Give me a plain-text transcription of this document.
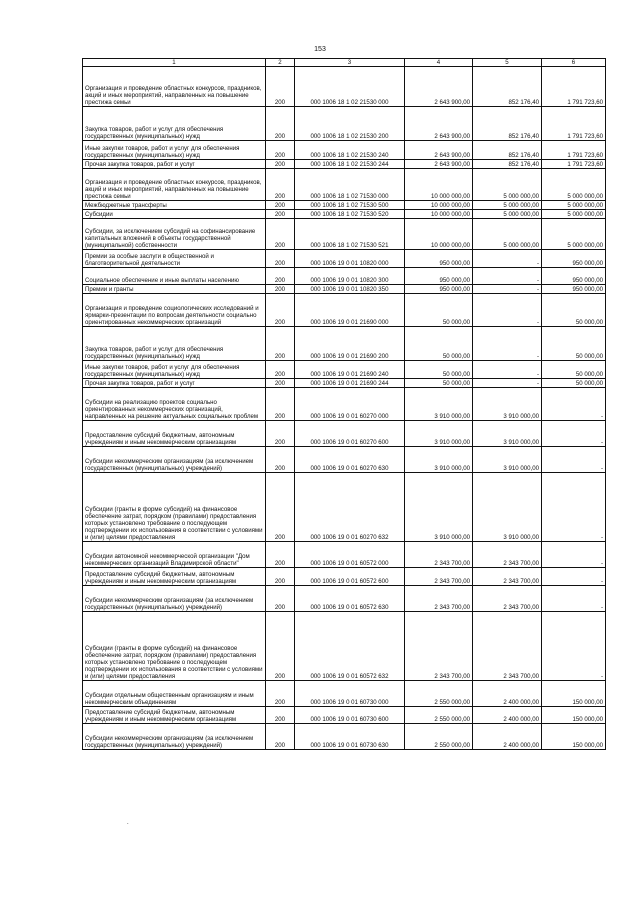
153
1	2	3	4	5	6
Организация и проведение областных конкурсов, праздников, акций и иных мероприятий, направленных на повышение престижа семьи	200	000 1006 18 1 02 21530 000	2 643 900,00	852 176,40	1 791 723,60
Закупка товаров, работ и услуг для обеспечения государственных (муниципальных) нужд	200	000 1006 18 1 02 21530 200	2 643 900,00	852 176,40	1 791 723,60
Иные закупки товаров, работ и услуг для обеспечения государственных (муниципальных) нужд	200	000 1006 18 1 02 21530 240	2 643 900,00	852 176,40	1 791 723,60
Прочая закупка товаров, работ и услуг	200	000 1006 18 1 02 21530 244	2 643 900,00	852 176,40	1 791 723,60
Организация и проведение областных конкурсов, праздников, акций и иных мероприятий, направленных на повышение престижа семьи	200	000 1006 18 1 02 71530 000	10 000 000,00	5 000 000,00	5 000 000,00
Межбюджетные трансферты	200	000 1006 18 1 02 71530 500	10 000 000,00	5 000 000,00	5 000 000,00
Субсидии	200	000 1006 18 1 02 71530 520	10 000 000,00	5 000 000,00	5 000 000,00
Субсидии, за исключением субсидий на софинансирование капитальных вложений в объекты государственной (муниципальной) собственности	200	000 1006 18 1 02 71530 521	10 000 000,00	5 000 000,00	5 000 000,00
Премии за особые заслуги в общественной и благотворительной деятельности	200	000 1006 19 0 01 10820 000	950 000,00	-	950 000,00
Социальное обеспечение и иные выплаты населению	200	000 1006 19 0 01 10820 300	950 000,00	-	950 000,00
Премии и гранты	200	000 1006 19 0 01 10820 350	950 000,00	-	950 000,00
Организация и проведение социологических исследований и ярмарки-презентации по вопросам деятельности социально ориентированных некоммерческих организаций	200	000 1006 19 0 01 21690 000	50 000,00	-	50 000,00
Закупка товаров, работ и услуг для обеспечения государственных (муниципальных) нужд	200	000 1006 19 0 01 21690 200	50 000,00	-	50 000,00
Иные закупки товаров, работ и услуг для обеспечения государственных (муниципальных) нужд	200	000 1006 19 0 01 21690 240	50 000,00	-	50 000,00
Прочая закупка товаров, работ и услуг	200	000 1006 19 0 01 21690 244	50 000,00	-	50 000,00
Субсидии на реализацию проектов социально ориентированных некоммерческих организаций, направленных на решение актуальных социальных проблем	200	000 1006 19 0 01 60270 000	3 910 000,00	3 910 000,00	-
Предоставление субсидий бюджетным, автономным учреждениям и иным некоммерческим организациям	200	000 1006 19 0 01 60270 600	3 910 000,00	3 910 000,00	-
Субсидии некоммерческим организациям (за исключением государственных (муниципальных) учреждений)	200	000 1006 19 0 01 60270 630	3 910 000,00	3 910 000,00	-
Субсидии (гранты в форме субсидий) на финансовое обеспечение затрат, порядком (правилами) предоставления которых установлено требование о последующем подтверждении их использования в соответствии с условиями и (или) целями предоставления	200	000 1006 19 0 01 60270 632	3 910 000,00	3 910 000,00	-
Субсидии автономной некоммерческой организации "Дом некоммерческих организаций Владимирской области"	200	000 1006 19 0 01 60572 000	2 343 700,00	2 343 700,00	-
Предоставление субсидий бюджетным, автономным учреждениям и иным некоммерческим организациям	200	000 1006 19 0 01 60572 600	2 343 700,00	2 343 700,00	-
Субсидии некоммерческим организациям (за исключением государственных (муниципальных) учреждений)	200	000 1006 19 0 01 60572 630	2 343 700,00	2 343 700,00	-
Субсидии (гранты в форме субсидий) на финансовое обеспечение затрат, порядком (правилами) предоставления которых установлено требование о последующем подтверждении их использования в соответствии с условиями и (или) целями предоставления	200	000 1006 19 0 01 60572 632	2 343 700,00	2 343 700,00	-
Субсидии отдельным общественным организациям и иным некоммерческим объединениям	200	000 1006 19 0 01 60730 000	2 550 000,00	2 400 000,00	150 000,00
Предоставление субсидий бюджетным, автономным учреждениям и иным некоммерческим организациям	200	000 1006 19 0 01 60730 600	2 550 000,00	2 400 000,00	150 000,00
Субсидии некоммерческим организациям (за исключением государственных (муниципальных) учреждений)	200	000 1006 19 0 01 60730 630	2 550 000,00	2 400 000,00	150 000,00
.
